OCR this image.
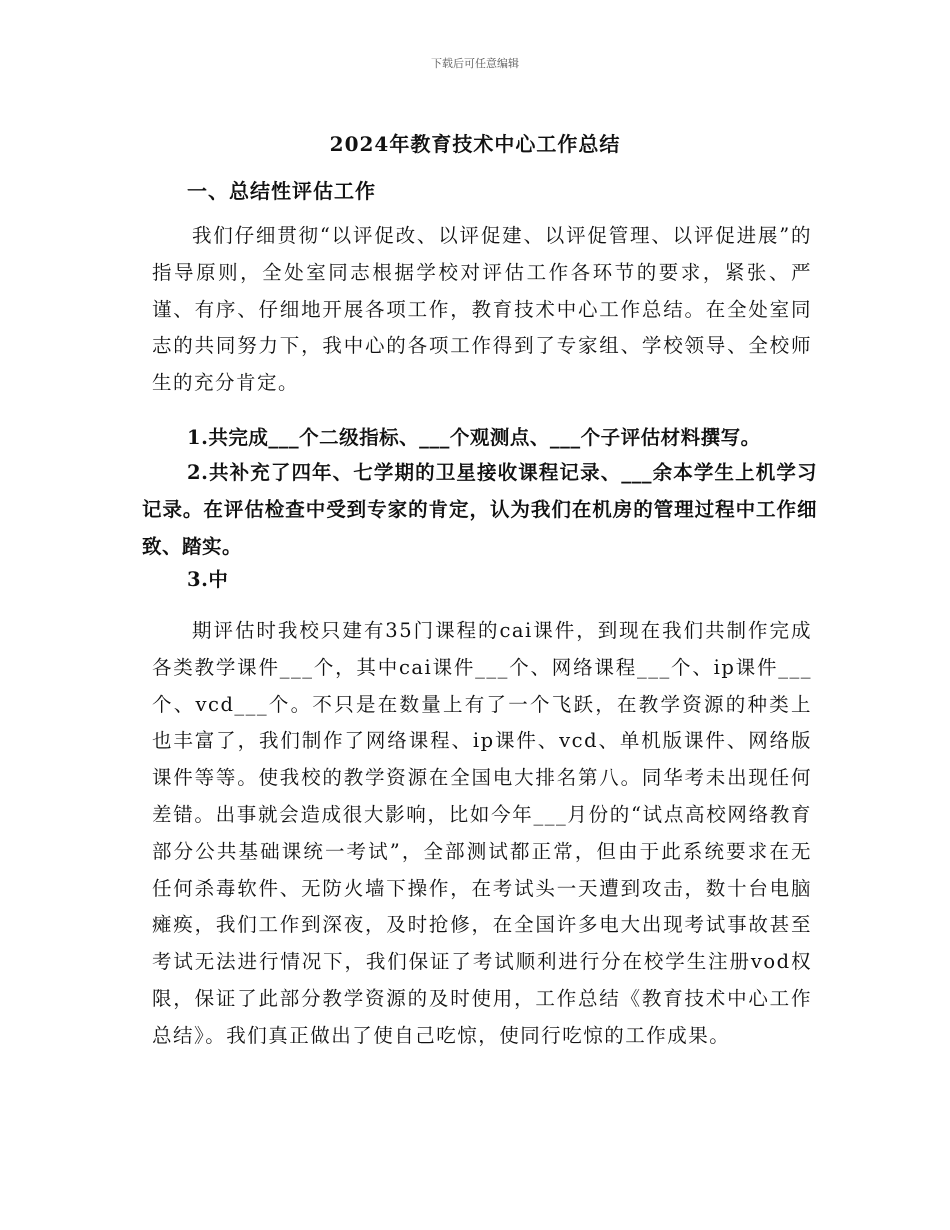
下载后可任意编辑
2024年教育技术中心工作总结
一、总结性评估工作

我们仔细贯彻“以评促改、以评促建、以评促管理、以评促进展”的指导原则，全处室同志根据学校对评估工作各环节的要求，紧张、严谨、有序、仔细地开展各项工作，教育技术中心工作总结。在全处室同志的共同努力下，我中心的各项工作得到了专家组、学校领导、全校师生的充分肯定。

1.共完成___个二级指标、___个观测点、___个子评估材料撰写。

2.共补充了四年、七学期的卫星接收课程记录、___余本学生上机学习记录。在评估检查中受到专家的肯定，认为我们在机房的管理过程中工作细致、踏实。

3.中

期评估时我校只建有35门课程的cai课件，到现在我们共制作完成各类教学课件___个，其中cai课件___个、网络课程___个、ip课件___个、vcd___个。不只是在数量上有了一个飞跃，在教学资源的种类上也丰富了，我们制作了网络课程、ip课件、vcd、单机版课件、网络版课件等等。使我校的教学资源在全国电大排名第八。同华考未出现任何差错。出事就会造成很大影响，比如今年___月份的“试点高校网络教育部分公共基础课统一考试”，全部测试都正常，但由于此系统要求在无任何杀毒软件、无防火墙下操作，在考试头一天遭到攻击，数十台电脑瘫痪，我们工作到深夜，及时抢修，在全国许多电大出现考试事故甚至考试无法进行情况下，我们保证了考试顺利进行分在校学生注册vod权限，保证了此部分教学资源的及时使用，工作总结《教育技术中心工作总结》。我们真正做出了使自己吃惊，使同行吃惊的工作成果。
